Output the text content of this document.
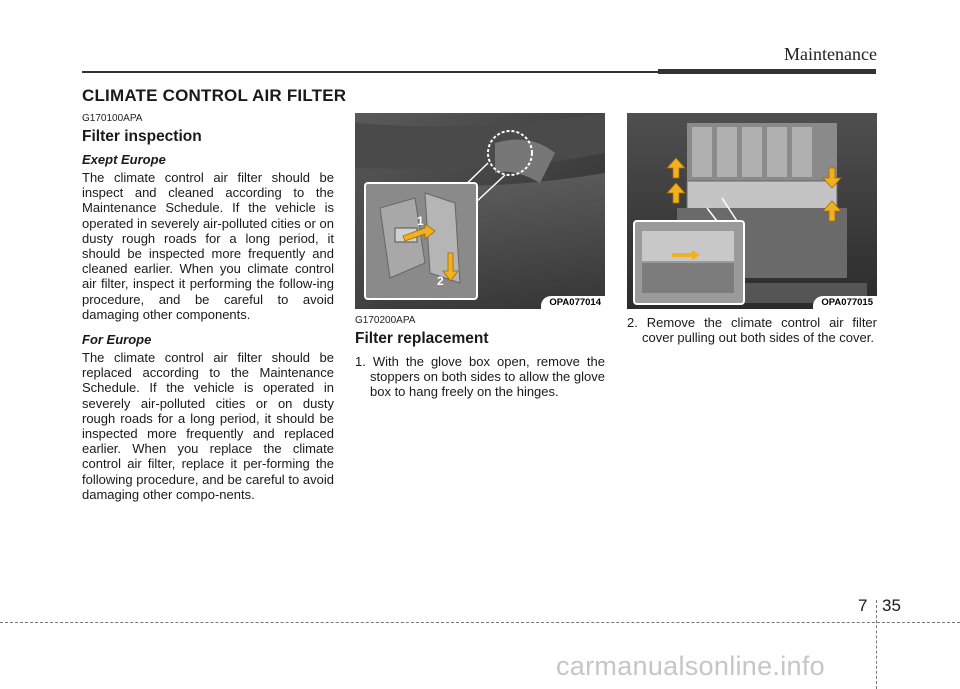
Maintenance
CLIMATE CONTROL AIR FILTER
G170100APA
Filter inspection
Exept Europe

The climate control air filter should be inspect and cleaned according to the Maintenance Schedule. If the vehicle is operated in severely air-polluted cities or on dusty rough roads for a long period, it should be inspected more frequently and cleaned earlier. When you climate control air filter, inspect it performing the follow-ing procedure, and be careful to avoid damaging other components.

For Europe

The climate control air filter should be replaced according to the Maintenance Schedule. If the vehicle is operated in severely air-polluted cities or on dusty rough roads for a long period, it should be inspected more frequently and replaced earlier. When you replace the climate control air filter, replace it per-forming the following procedure, and be careful to avoid damaging other compo-nents.

1
2
OPA077014	OPA077015
G170200APA
Filter replacement

1. With the glove box open, remove the stoppers on both sides to allow the glove box to hang freely on the hinges.

2. Remove the climate control air filter cover pulling out both sides of the cover.

7 35
carmanualsonline.info
